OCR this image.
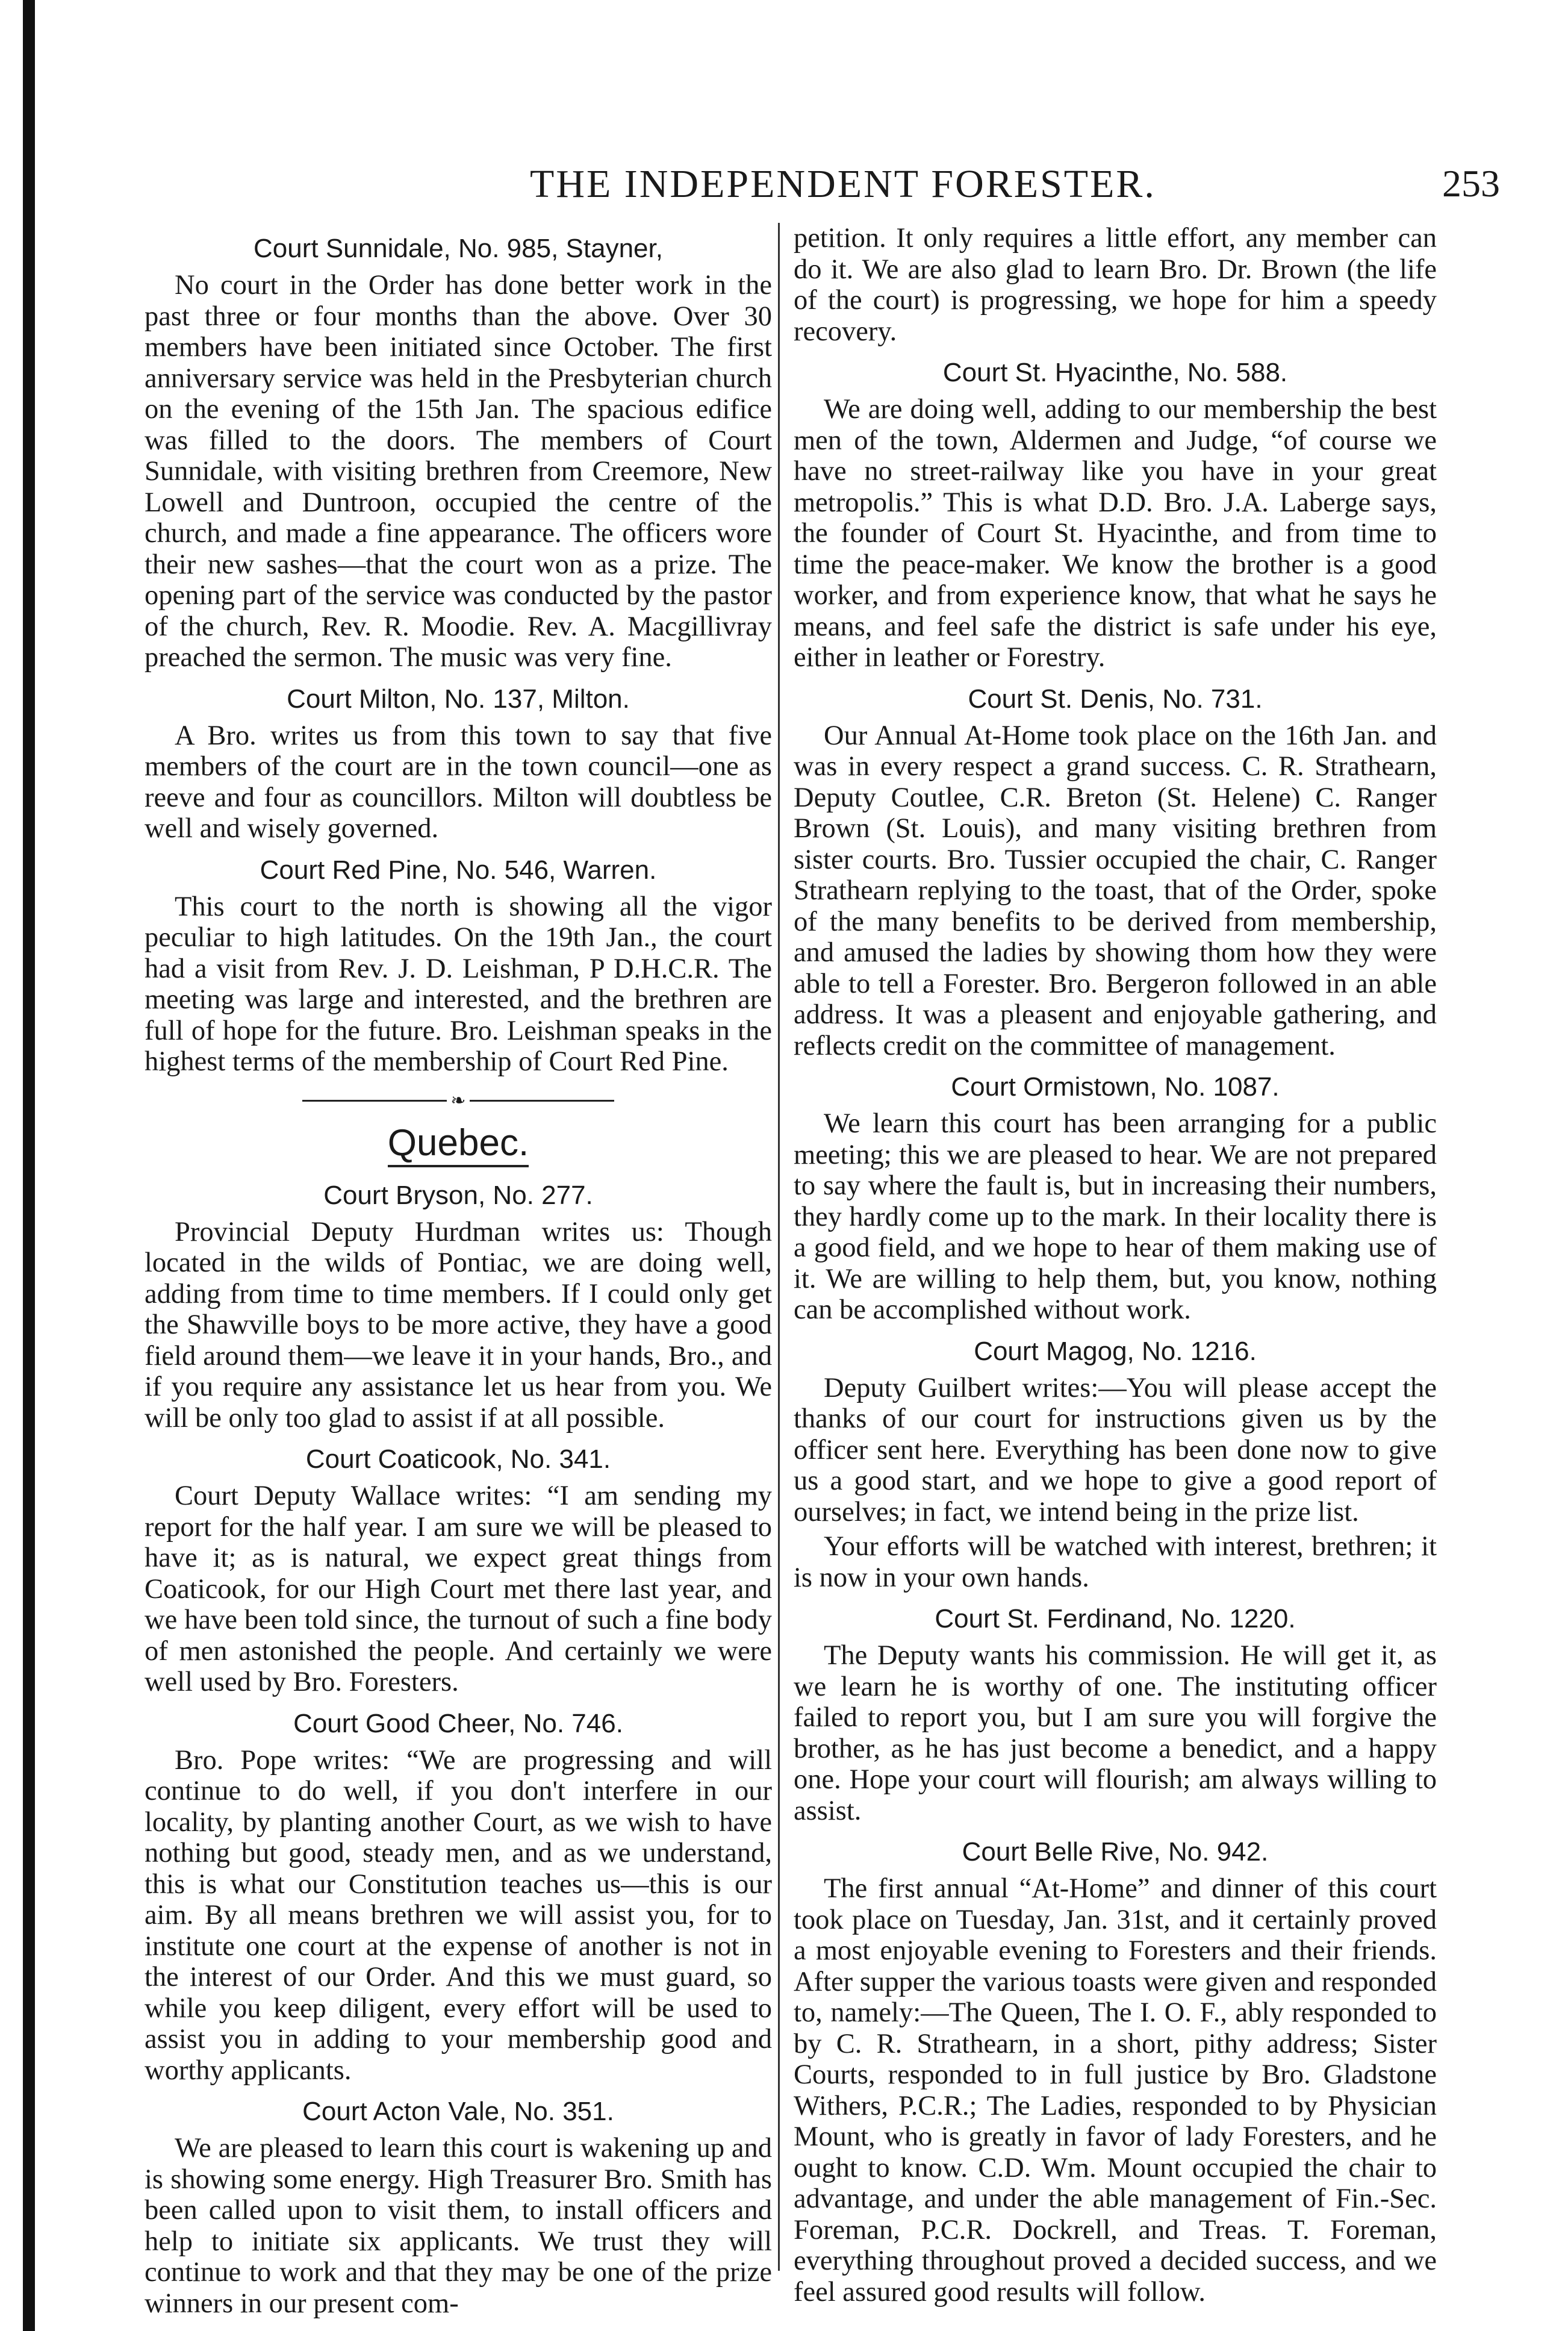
THE INDEPENDENT FORESTER.	253
Court Sunnidale, No. 985, Stayner,
No court in the Order has done better work in the past three or four months than the above. Over 30 members have been initiated since October. The first anniversary service was held in the Presbyterian church on the evening of the 15th Jan. The spacious edifice was filled to the doors. The members of Court Sunnidale, with visiting brethren from Creemore, New Lowell and Duntroon, occupied the centre of the church, and made a fine appearance. The officers wore their new sashes—that the court won as a prize. The opening part of the service was conducted by the pastor of the church, Rev. R. Moodie. Rev. A. Macgillivray preached the sermon. The music was very fine.
Court Milton, No. 137, Milton.
A Bro. writes us from this town to say that five members of the court are in the town council—one as reeve and four as councillors. Milton will doubtless be well and wisely governed.
Court Red Pine, No. 546, Warren.
This court to the north is showing all the vigor peculiar to high latitudes. On the 19th Jan., the court had a visit from Rev. J. D. Leishman, P D.H.C.R. The meeting was large and interested, and the brethren are full of hope for the future. Bro. Leishman speaks in the highest terms of the membership of Court Red Pine.
❧
Quebec.
Court Bryson, No. 277.
Provincial Deputy Hurdman writes us: Though located in the wilds of Pontiac, we are doing well, adding from time to time members. If I could only get the Shawville boys to be more active, they have a good field around them—we leave it in your hands, Bro., and if you require any assistance let us hear from you. We will be only too glad to assist if at all possible.
Court Coaticook, No. 341.
Court Deputy Wallace writes: “I am sending my report for the half year. I am sure we will be pleased to have it; as is natural, we expect great things from Coaticook, for our High Court met there last year, and we have been told since, the turnout of such a fine body of men astonished the people. And certainly we were well used by Bro. Foresters.
Court Good Cheer, No. 746.
Bro. Pope writes: “We are progressing and will continue to do well, if you don't interfere in our locality, by planting another Court, as we wish to have nothing but good, steady men, and as we understand, this is what our Constitution teaches us—this is our aim. By all means brethren we will assist you, for to institute one court at the expense of another is not in the interest of our Order. And this we must guard, so while you keep diligent, every effort will be used to assist you in adding to your membership good and worthy applicants.
Court Acton Vale, No. 351.
We are pleased to learn this court is wakening up and is showing some energy. High Treasurer Bro. Smith has been called upon to visit them, to install officers and help to initiate six applicants. We trust they will continue to work and that they may be one of the prize winners in our present com-
petition. It only requires a little effort, any member can do it. We are also glad to learn Bro. Dr. Brown (the life of the court) is progressing, we hope for him a speedy recovery.
Court St. Hyacinthe, No. 588.
We are doing well, adding to our membership the best men of the town, Aldermen and Judge, “of course we have no street-railway like you have in your great metropolis.” This is what D.D. Bro. J.A. Laberge says, the founder of Court St. Hyacinthe, and from time to time the peace-maker. We know the brother is a good worker, and from experience know, that what he says he means, and feel safe the district is safe under his eye, either in leather or Forestry.
Court St. Denis, No. 731.
Our Annual At-Home took place on the 16th Jan. and was in every respect a grand success. C. R. Strathearn, Deputy Coutlee, C.R. Breton (St. Helene) C. Ranger Brown (St. Louis), and many visiting brethren from sister courts. Bro. Tussier occupied the chair, C. Ranger Strathearn replying to the toast, that of the Order, spoke of the many benefits to be derived from membership, and amused the ladies by showing thom how they were able to tell a Forester. Bro. Bergeron followed in an able address. It was a pleasent and enjoyable gathering, and reflects credit on the committee of management.
Court Ormistown, No. 1087.
We learn this court has been arranging for a public meeting; this we are pleased to hear. We are not prepared to say where the fault is, but in increasing their numbers, they hardly come up to the mark. In their locality there is a good field, and we hope to hear of them making use of it. We are willing to help them, but, you know, nothing can be accomplished without work.
Court Magog, No. 1216.
Deputy Guilbert writes:—You will please accept the thanks of our court for instructions given us by the officer sent here. Everything has been done now to give us a good start, and we hope to give a good report of ourselves; in fact, we intend being in the prize list.
Your efforts will be watched with interest, brethren; it is now in your own hands.
Court St. Ferdinand, No. 1220.
The Deputy wants his commission. He will get it, as we learn he is worthy of one. The instituting officer failed to report you, but I am sure you will forgive the brother, as he has just become a benedict, and a happy one. Hope your court will flourish; am always willing to assist.
Court Belle Rive, No. 942.
The first annual “At-Home” and dinner of this court took place on Tuesday, Jan. 31st, and it certainly proved a most enjoyable evening to Foresters and their friends. After supper the various toasts were given and responded to, namely:—The Queen, The I. O. F., ably responded to by C. R. Strathearn, in a short, pithy address; Sister Courts, responded to in full justice by Bro. Gladstone Withers, P.C.R.; The Ladies, responded to by Physician Mount, who is greatly in favor of lady Foresters, and he ought to know. C.D. Wm. Mount occupied the chair to advantage, and under the able management of Fin.-Sec. Foreman, P.C.R. Dockrell, and Treas. T. Foreman, everything throughout proved a decided success, and we feel assured good results will follow.
